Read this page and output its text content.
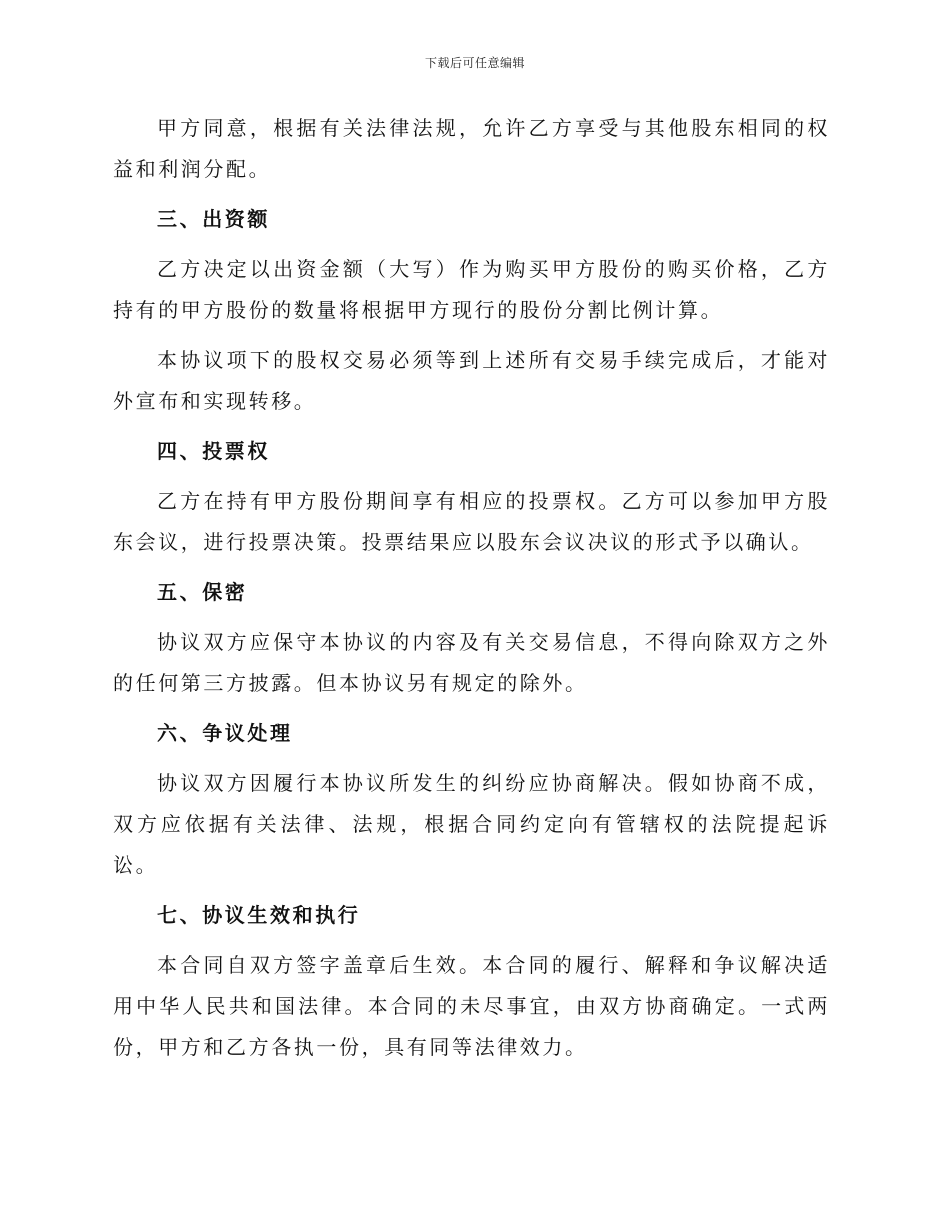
下载后可任意编辑

甲方同意，根据有关法律法规，允许乙方享受与其他股东相同的权益和利润分配。

三、出资额

乙方决定以出资金额（大写）作为购买甲方股份的购买价格，乙方持有的甲方股份的数量将根据甲方现行的股份分割比例计算。

本协议项下的股权交易必须等到上述所有交易手续完成后，才能对外宣布和实现转移。

四、投票权

乙方在持有甲方股份期间享有相应的投票权。乙方可以参加甲方股东会议，进行投票决策。投票结果应以股东会议决议的形式予以确认。

五、保密

协议双方应保守本协议的内容及有关交易信息，不得向除双方之外的任何第三方披露。但本协议另有规定的除外。

六、争议处理

协议双方因履行本协议所发生的纠纷应协商解决。假如协商不成，双方应依据有关法律、法规，根据合同约定向有管辖权的法院提起诉讼。

七、协议生效和执行

本合同自双方签字盖章后生效。本合同的履行、解释和争议解决适用中华人民共和国法律。本合同的未尽事宜，由双方协商确定。一式两份，甲方和乙方各执一份，具有同等法律效力。
